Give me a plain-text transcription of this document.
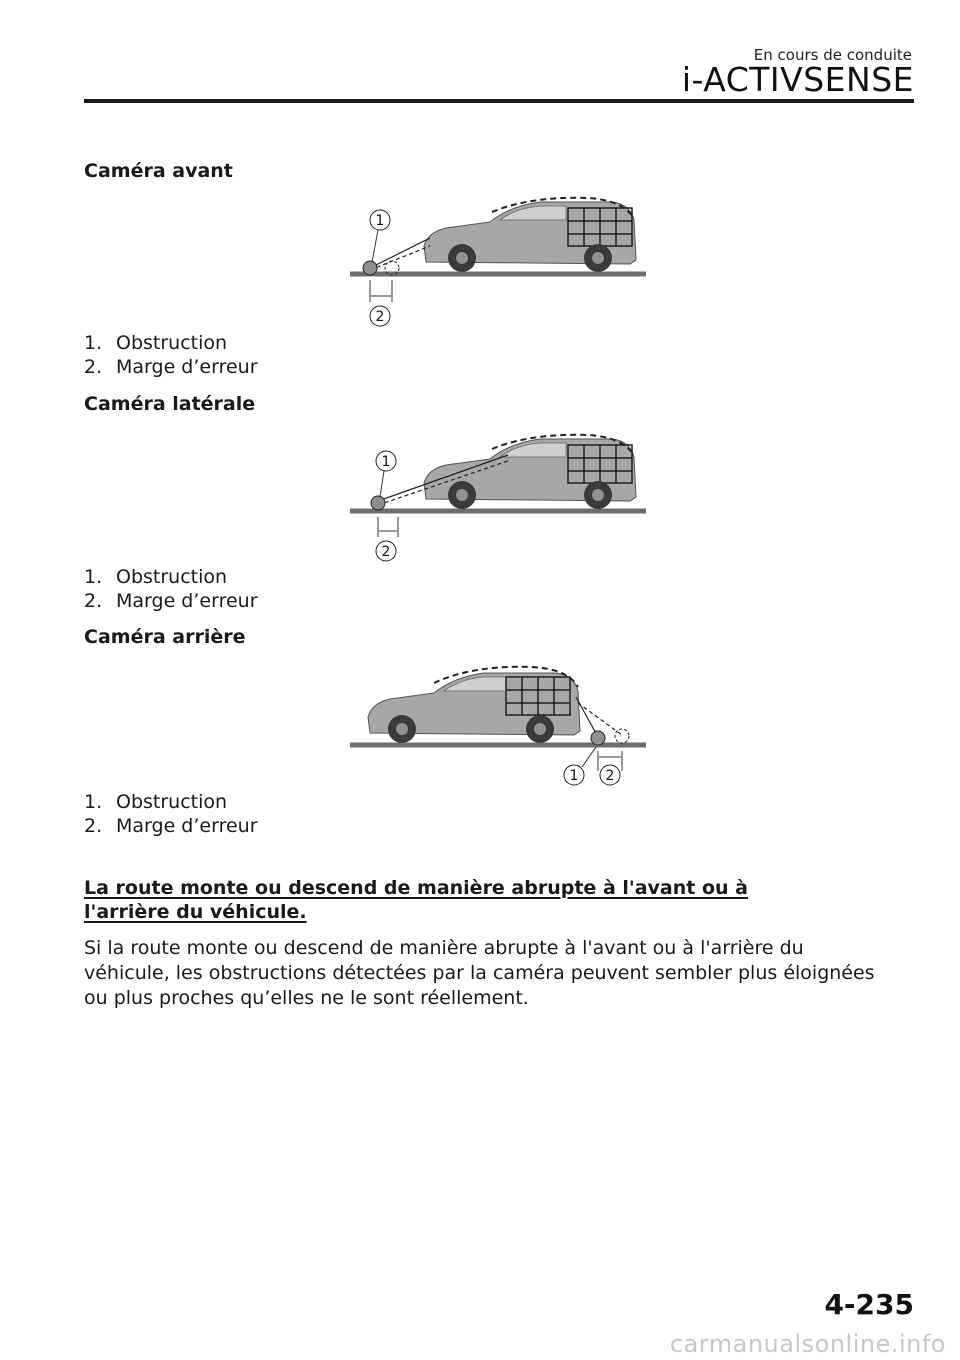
En cours de conduite
i-ACTIVSENSE
Caméra avant
1
2
1. Obstruction
2. Marge d’erreur
Caméra latérale
1
2
1. Obstruction
2. Marge d’erreur
Caméra arrière
1 2
1. Obstruction
2. Marge d’erreur
La route monte ou descend de manière abrupte à l'avant ou à l'arrière du véhicule.
Si la route monte ou descend de manière abrupte à l'avant ou à l'arrière du véhicule, les obstructions détectées par la caméra peuvent sembler plus éloignées ou plus proches qu’elles ne le sont réellement.
4-235
carmanualsonline.info
